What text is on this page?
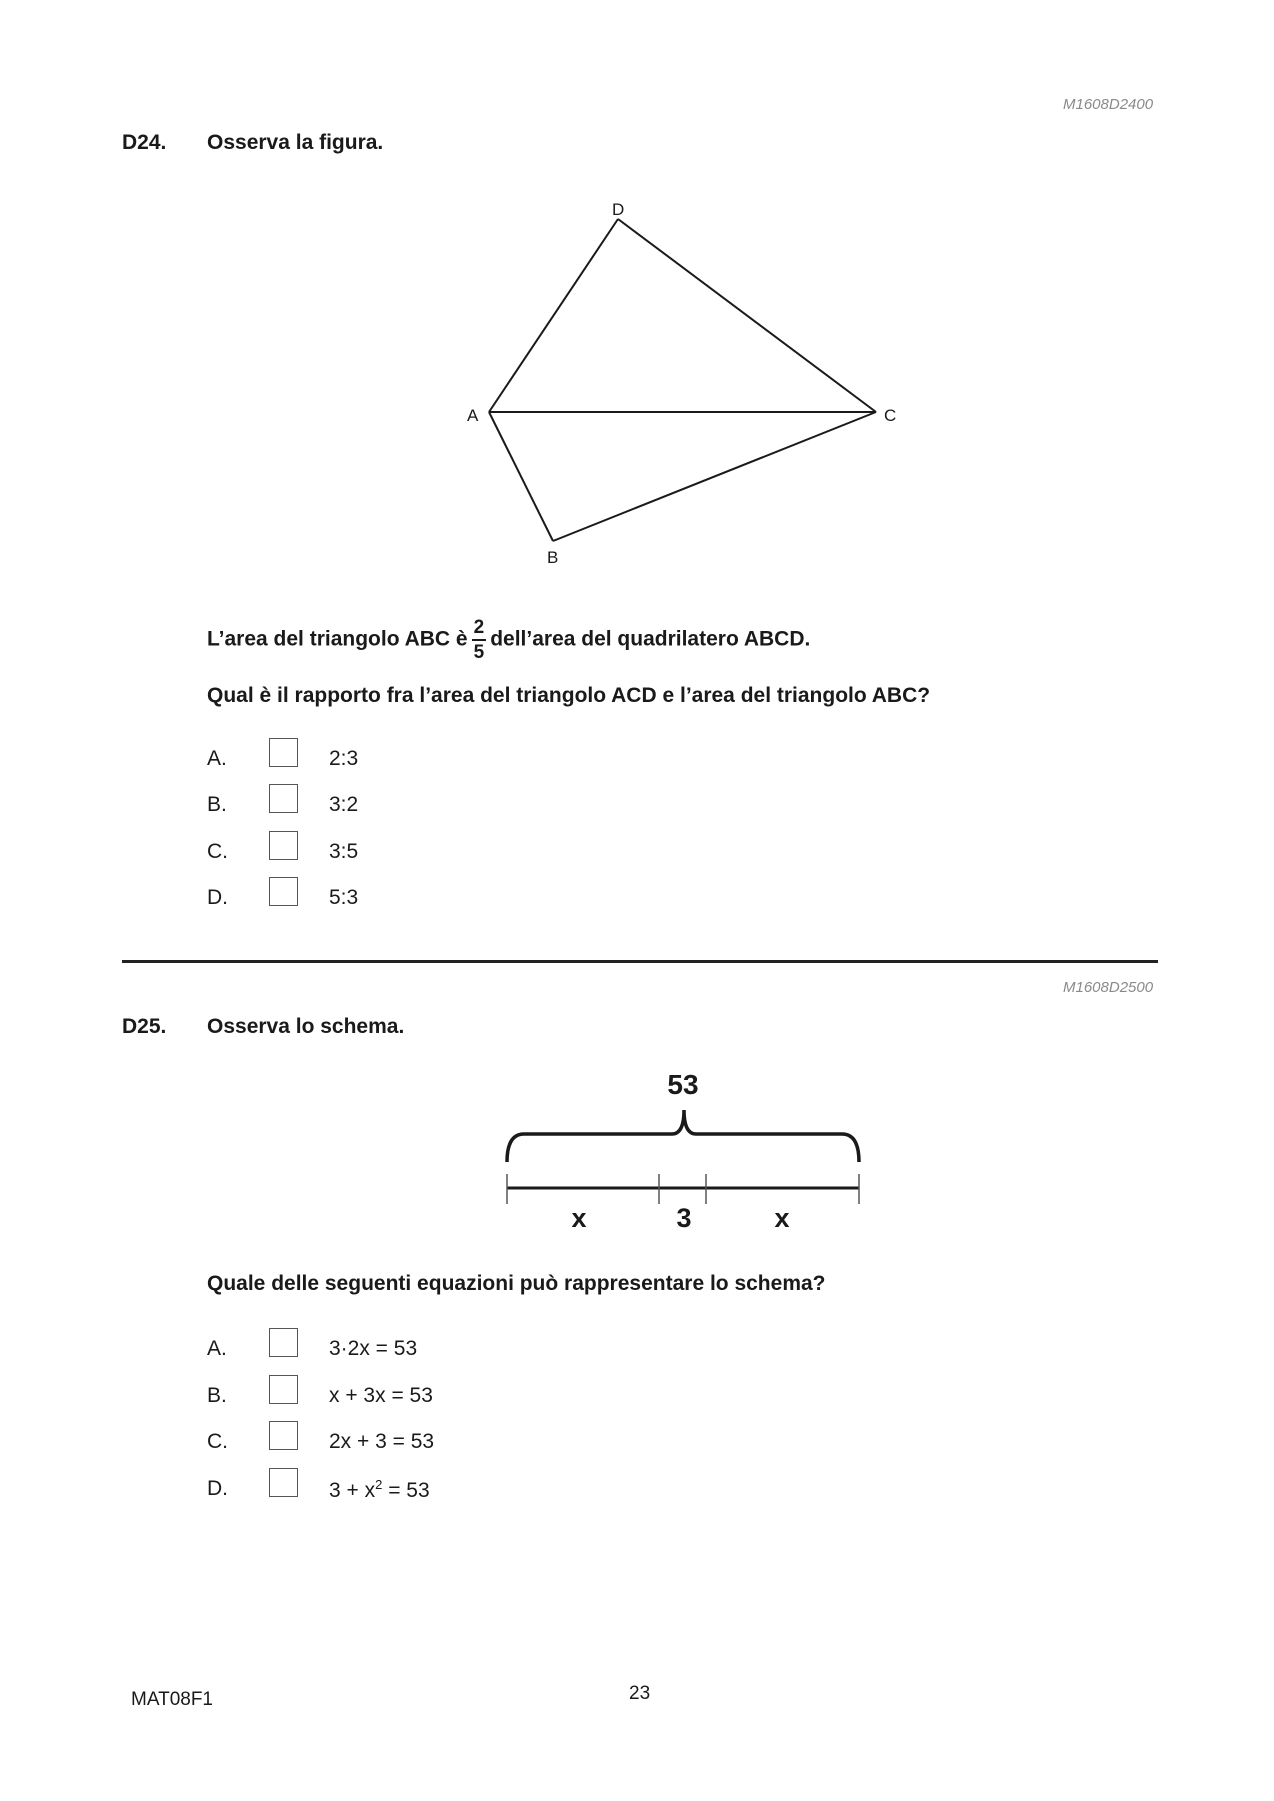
M1608D2400
D24. Osserva la figura.
D
A	C
B
L’area del triangolo ABC è $\frac{2}{5}$ dell’area del quadrilatero ABCD.
Qual è il rapporto fra l’area del triangolo ACD e l’area del triangolo ABC?
A.	2:3
B.	3:2
C.	3:5
D.	5:3
M1608D2500
D25. Osserva lo schema.
53
x	3	x
Quale delle seguenti equazioni può rappresentare lo schema?
A.	3·2x = 53
B.	x + 3x = 53
C.	2x + 3 = 53
D.	$3 + x^2 = 53$
MAT08F1	23
